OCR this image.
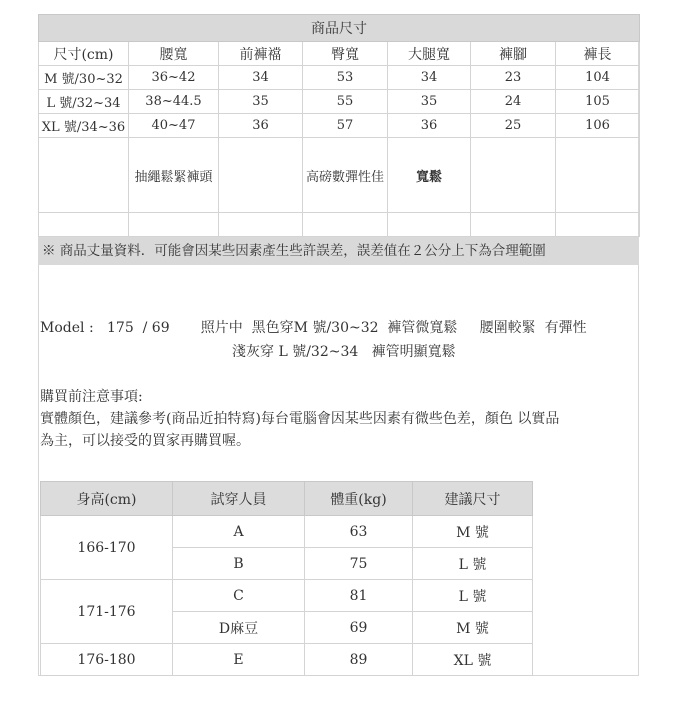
商品尺寸						
尺寸(cm)	腰寬	前褲襠	臀寬	大腿寬	褲腳	褲長
M 號/30~32	36~42	34	53	34	23	104
L 號/32~34	38~44.5	35	55	35	24	105
XL 號/34~36	40~47	36	57	36	25	106
	抽繩鬆緊褲頭		高磅數彈性佳	寬鬆		

※ 商品丈量資料．可能會因某些因素產生些許誤差，誤差值在２公分上下為合理範圍
Model :   175  / 69       照片中  黑色穿M 號/30~32  褲管微寬鬆     腰圍較緊  有彈性
淺灰穿 L 號/32~34   褲管明顯寬鬆
購買前注意事項:
實體顏色，建議參考(商品近拍特寫)每台電腦會因某些因素有微些色差，顏色 以實品
為主，可以接受的買家再購買喔。
身高(cm)	試穿人員	體重(kg)	建議尺寸
166-170	A	63	M 號
	B	75	L 號
171-176	C	81	L 號
	D麻豆	69	M 號
176-180	E	89	XL 號
